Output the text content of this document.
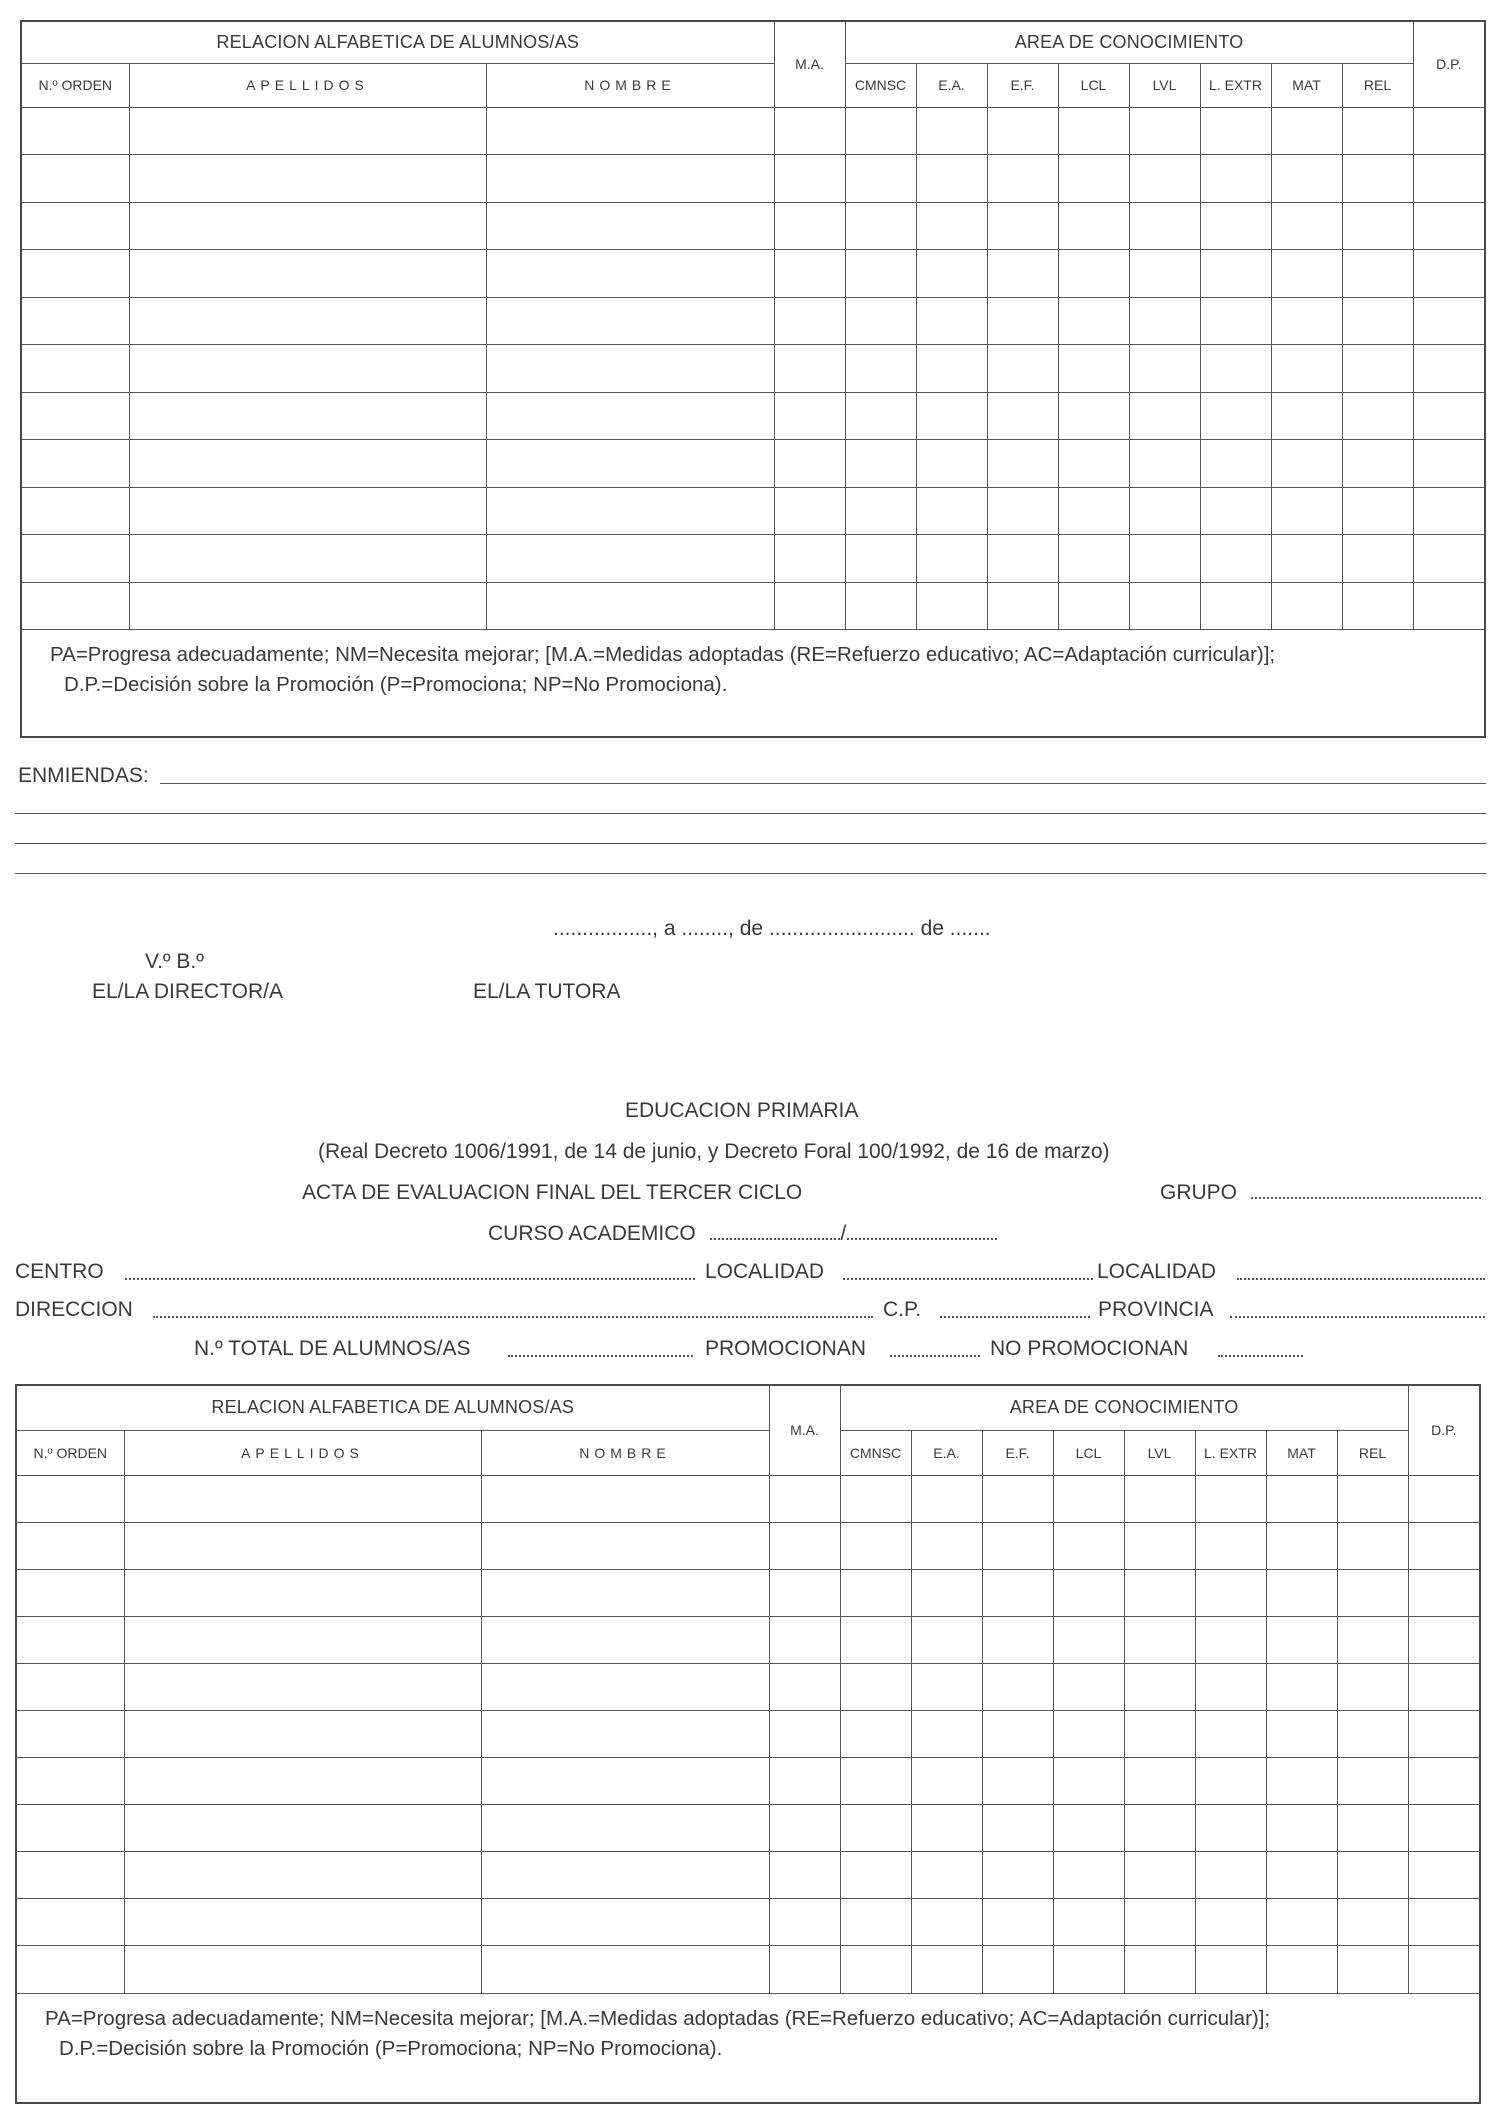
RELACION ALFABETICA DE ALUMNOS/AS			M.A.	AREA DE CONOCIMIENTO								D.P.
N.º ORDEN	APELLIDOS	NOMBRE		CMNSC	E.A.	E.F.	LCL	LVL	L. EXTR	MAT	REL	

PA=Progresa adecuadamente; NM=Necesita mejorar; [M.A.=Medidas adoptadas (RE=Refuerzo educativo; AC=Adaptación curricular)];
D.P.=Decisión sobre la Promoción (P=Promociona; NP=No Promociona).												
ENMIENDAS:
................., a ........, de ......................... de .......
V.º B.º
EL/LA DIRECTOR/A	EL/LA TUTORA
EDUCACION PRIMARIA
(Real Decreto 1006/1991, de 14 de junio, y Decreto Foral 100/1992, de 16 de marzo)
ACTA DE EVALUACION FINAL DEL TERCER CICLO	GRUPO
CURSO ACADEMICO	/
CENTRO	LOCALIDAD	LOCALIDAD
DIRECCION	C.P.	PROVINCIA
N.º TOTAL DE ALUMNOS/AS	PROMOCIONAN	NO PROMOCIONAN
RELACION ALFABETICA DE ALUMNOS/AS			M.A.	AREA DE CONOCIMIENTO								D.P.
N.º ORDEN	APELLIDOS	NOMBRE		CMNSC	E.A.	E.F.	LCL	LVL	L. EXTR	MAT	REL	

PA=Progresa adecuadamente; NM=Necesita mejorar; [M.A.=Medidas adoptadas (RE=Refuerzo educativo; AC=Adaptación curricular)];
D.P.=Decisión sobre la Promoción (P=Promociona; NP=No Promociona).												
